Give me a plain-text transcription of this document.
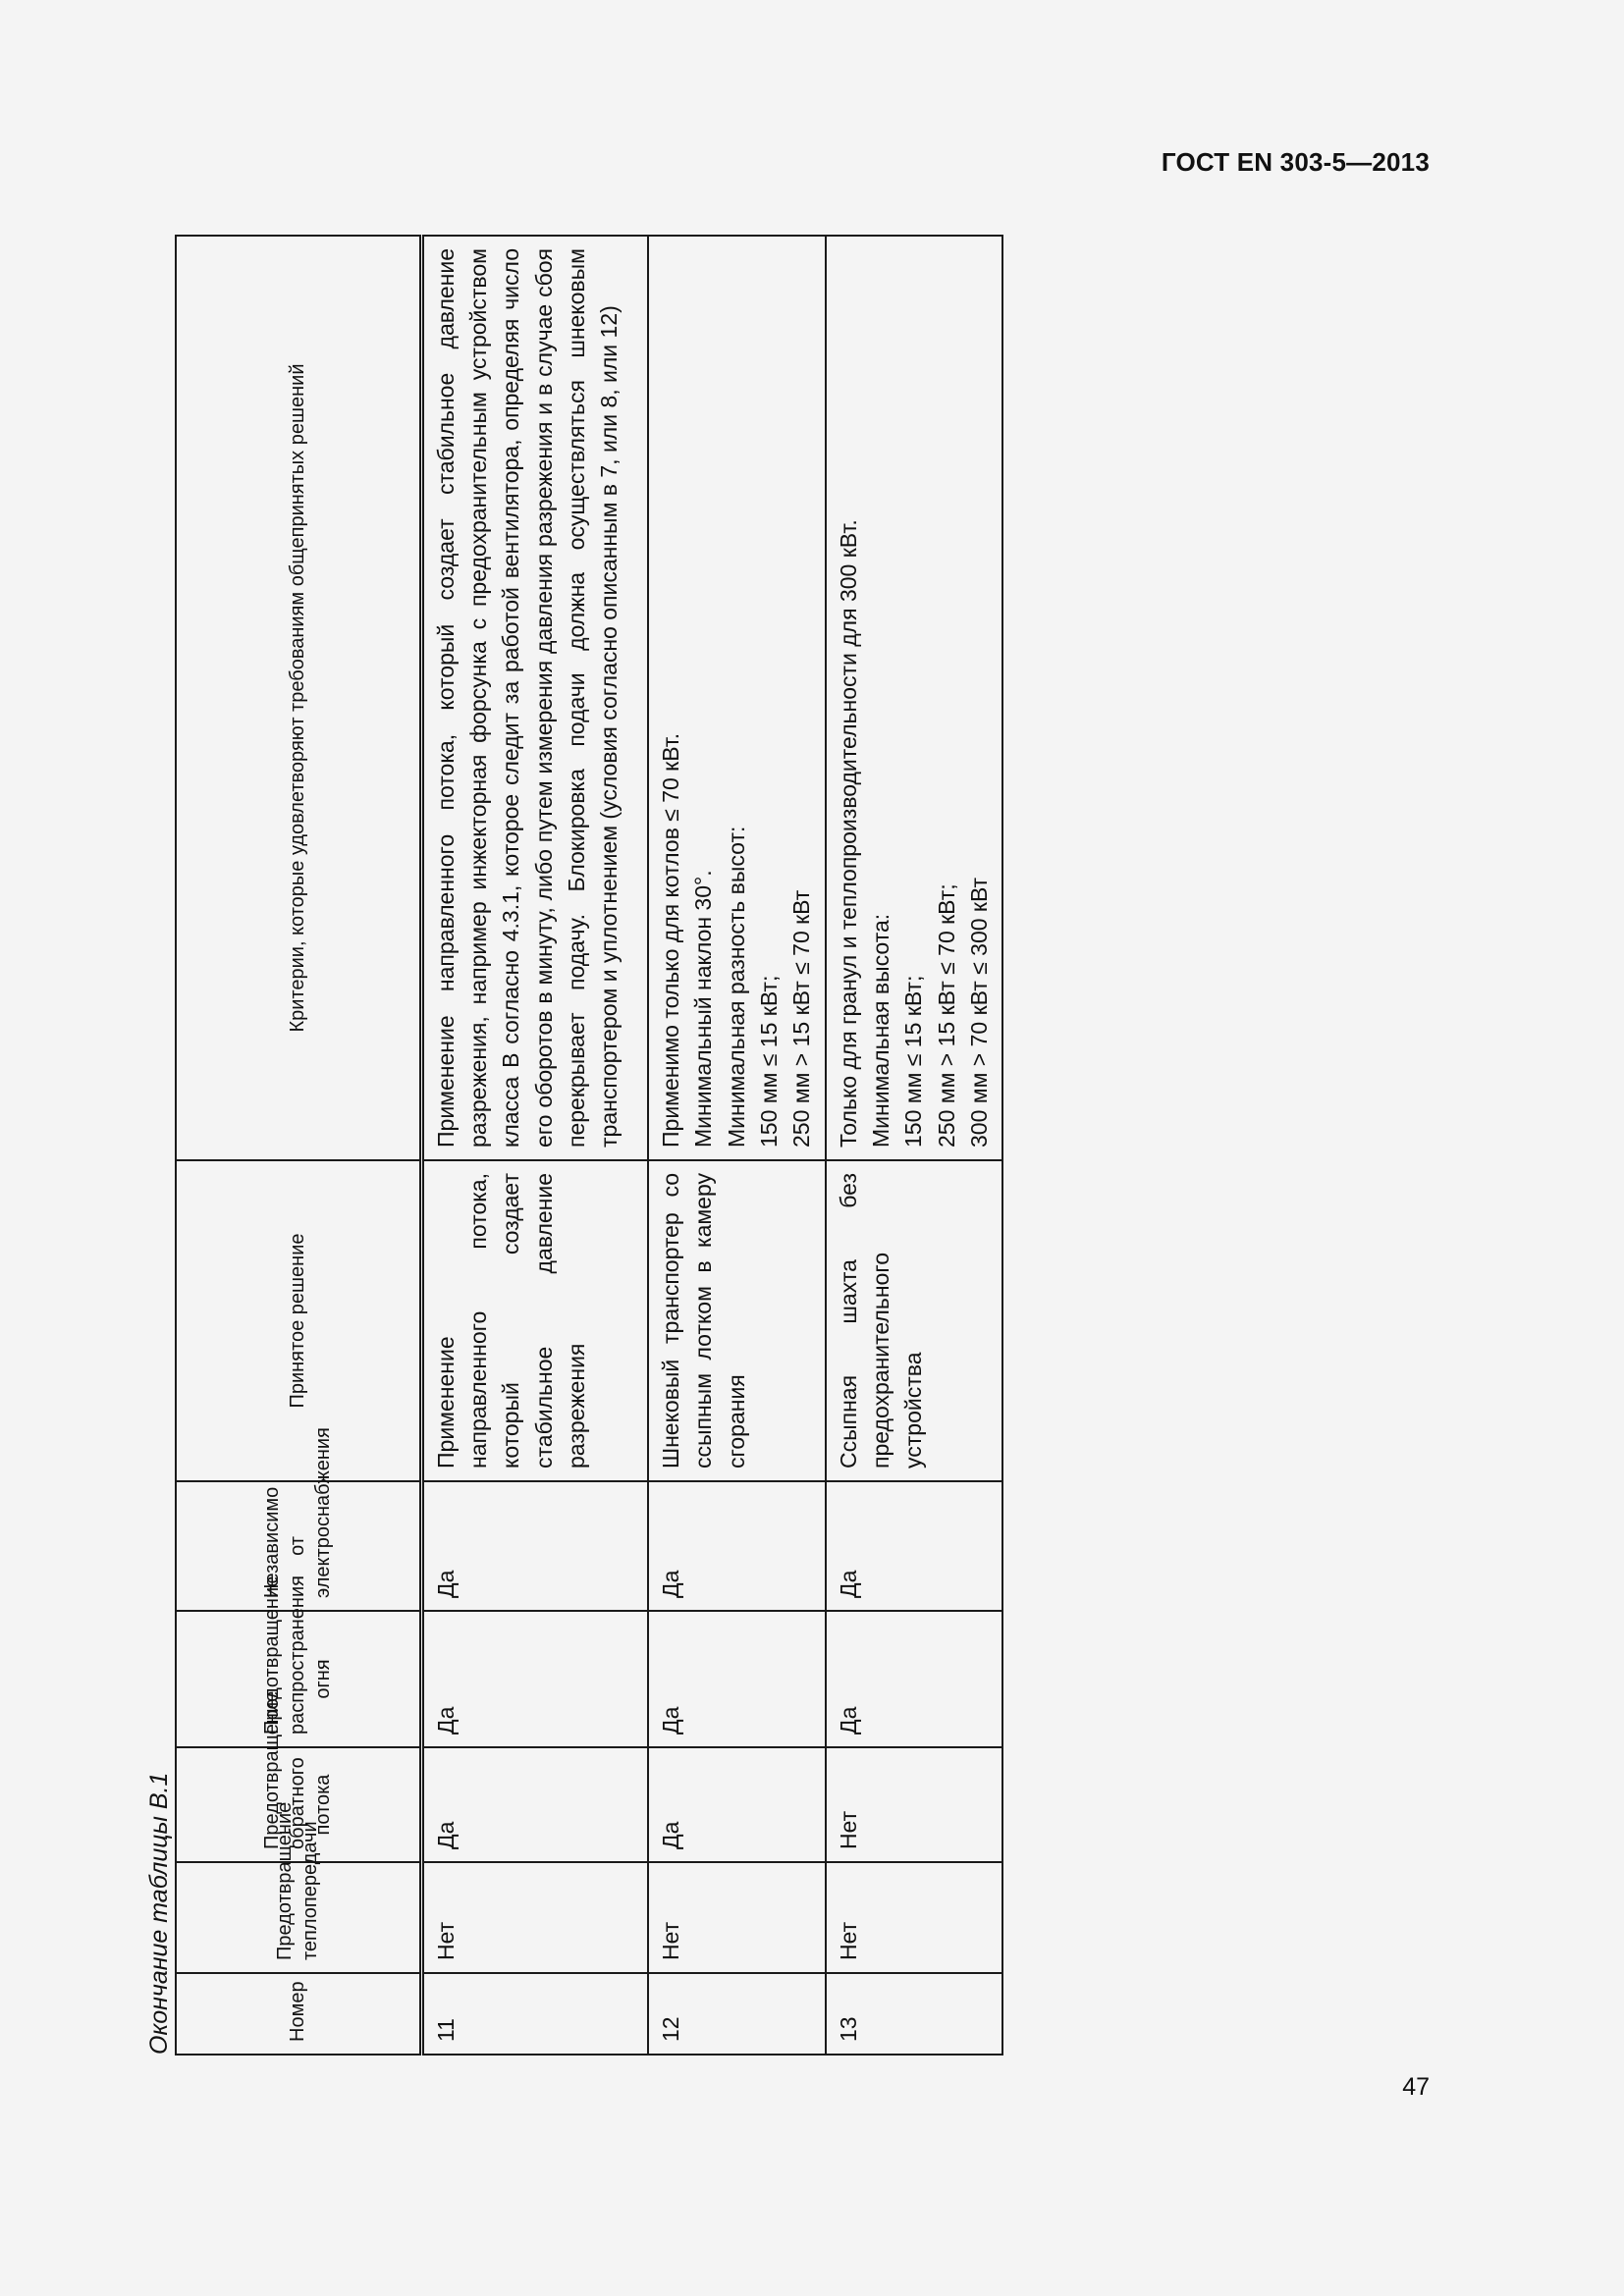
ГОСТ EN 303-5—2013
Окончание таблицы В.1	Номер	Предотвращение теплопередачи	Предотвращение обратного потока	Предотвращение распространения огня	Независимо от электроснабжения	Принятое решение	Критерии, которые удовлетворяют требованиям общепринятых решений
11	Нет	Да	Да	Да	Применение направленного потока, который создает стабильное давление разрежения	Применение направленного потока, который создает стабильное давление разрежения, например инжекторная форсунка с предохранительным устройством класса В согласно 4.3.1, которое следит за работой вентилятора, определяя число его оборотов в минуту, либо путем измерения давления разрежения и в случае сбоя перекрывает подачу. Блокировка подачи должна осуществляться шнековым транспортером и уплотнением (условия согласно описанным в 7, или 8, или 12)
12	Нет	Да	Да	Да	Шнековый транспортер со ссыпным лотком в камеру сгорания	Применимо только для котлов ≤ 70 кВт. Минимальный наклон 30°. Минимальная разность высот: 150 мм ≤ 15 кВт; 250 мм > 15 кВт ≤ 70 кВт

13	Нет	Нет	Да	Да	Ссыпная шахта без предохранительного устройства	Только для гранул и теплопроизводительности для 300 кВт. Минимальная высота: 150 мм ≤ 15 кВт; 250 мм > 15 кВт ≤ 70 кВт; 300 мм > 70 кВт ≤ 300 кВт
47
